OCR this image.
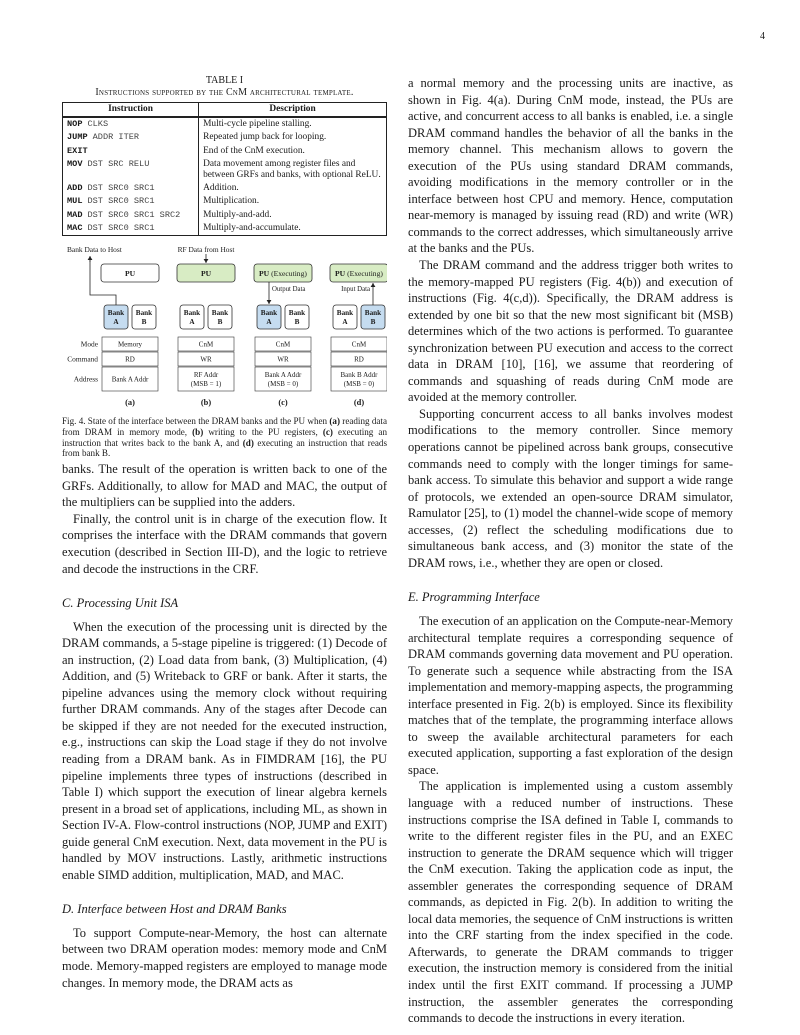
4
TABLE I
Instructions supported by the CnM architectural template.
Instruction	Description
NOP CLKS	Multi-cycle pipeline stalling.
JUMP ADDR ITER	Repeated jump back for looping.
EXIT	End of the CnM execution.
MOV DST SRC RELU	Data movement among register files and between GRFs and banks, with optional ReLU.
ADD DST SRC0 SRC1	Addition.
MUL DST SRC0 SRC1	Multiplication.
MAD DST SRC0 SRC1 SRC2	Multiply-and-add.
MAC DST SRC0 SRC1	Multiply-and-accumulate.
Bank Data to Host	RF Data from Host
PU
Bank
A
Bank
B
PU
Bank
A
Bank
B
PU (Executing)
Bank
A
Bank
B
Output Data
PU (Executing)
Bank
A
Bank
B
Input Data
Mode
Command
Address
Memory
RD
Bank A Addr
(a)
CnM
WR
RF Addr
(MSB = 1)
(b)
CnM
WR
Bank A Addr
(MSB = 0)
(c)
CnM
RD
Bank B Addr
(MSB = 0)
(d)
Fig. 4. State of the interface between the DRAM banks and the PU when (a) reading data from DRAM in memory mode, (b) writing to the PU registers, (c) executing an instruction that writes back to the bank A, and (d) executing an instruction that reads from bank B.

banks. The result of the operation is written back to one of the GRFs. Additionally, to allow for MAD and MAC, the output of the multipliers can be supplied into the adders.

Finally, the control unit is in charge of the execution flow. It comprises the interface with the DRAM commands that govern execution (described in Section III-D), and the logic to retrieve and decode the instructions in the CRF.

C. Processing Unit ISA

When the execution of the processing unit is directed by the DRAM commands, a 5-stage pipeline is triggered: (1) Decode of an instruction, (2) Load data from bank, (3) Multiplication, (4) Addition, and (5) Writeback to GRF or bank. After it starts, the pipeline advances using the memory clock without requiring further DRAM commands. Any of the stages after Decode can be skipped if they are not needed for the executed instruction, e.g., instructions can skip the Load stage if they do not involve reading from a DRAM bank. As in FIMDRAM [16], the PU pipeline implements three types of instructions (described in Table I) which support the execution of linear algebra kernels present in a broad set of applications, including ML, as shown in Section IV-A. Flow-control instructions (NOP, JUMP and EXIT) guide general CnM execution. Next, data movement in the PU is handled by MOV instructions. Lastly, arithmetic instructions enable SIMD addition, multiplication, MAD, and MAC.

D. Interface between Host and DRAM Banks

To support Compute-near-Memory, the host can alternate between two DRAM operation modes: memory mode and CnM mode. Memory-mapped registers are employed to manage mode changes. In memory mode, the DRAM acts as

a normal memory and the processing units are inactive, as shown in Fig. 4(a). During CnM mode, instead, the PUs are active, and concurrent access to all banks is enabled, i.e. a single DRAM command handles the behavior of all the banks in the memory channel. This mechanism allows to govern the execution of the PUs using standard DRAM commands, avoiding modifications in the memory controller or in the interface between host CPU and memory. Hence, computation near-memory is managed by issuing read (RD) and write (WR) commands to the correct addresses, which simultaneously arrive at the banks and the PUs.

The DRAM command and the address trigger both writes to the memory-mapped PU registers (Fig. 4(b)) and execution of instructions (Fig. 4(c,d)). Specifically, the DRAM address is extended by one bit so that the new most significant bit (MSB) determines which of the two actions is performed. To guarantee synchronization between PU execution and access to the correct data in DRAM [10], [16], we assume that reordering of commands and squashing of reads during CnM mode are avoided at the memory controller.

Supporting concurrent access to all banks involves modest modifications to the memory controller. Since memory operations cannot be pipelined across bank groups, consecutive commands need to comply with the longer timings for same-bank access. To simulate this behavior and support a wide range of protocols, we extended an open-source DRAM simulator, Ramulator [25], to (1) model the channel-wide scope of memory accesses, (2) reflect the scheduling modifications due to simultaneous bank access, and (3) monitor the state of the DRAM rows, i.e., whether they are open or closed.

E. Programming Interface

The execution of an application on the Compute-near-Memory architectural template requires a corresponding sequence of DRAM commands governing data movement and PU operation. To generate such a sequence while abstracting from the ISA implementation and memory-mapping aspects, the programming interface presented in Fig. 2(b) is employed. Since its flexibility matches that of the template, the programming interface allows to sweep the available architectural parameters for each executed application, supporting a fast exploration of the design space.

The application is implemented using a custom assembly language with a reduced number of instructions. These instructions comprise the ISA defined in Table I, commands to write to the different register files in the PU, and an EXEC instruction to generate the DRAM sequence which will trigger the CnM execution. Taking the application code as input, the assembler generates the corresponding sequence of DRAM commands, as depicted in Fig. 2(b). In addition to writing the local data memories, the sequence of CnM instructions is written into the CRF starting from the index specified in the code. Afterwards, to generate the DRAM commands to trigger execution, the instruction memory is considered from the initial index until the first EXIT command. If processing a JUMP instruction, the assembler generates the corresponding commands to decode the instructions in every iteration.
